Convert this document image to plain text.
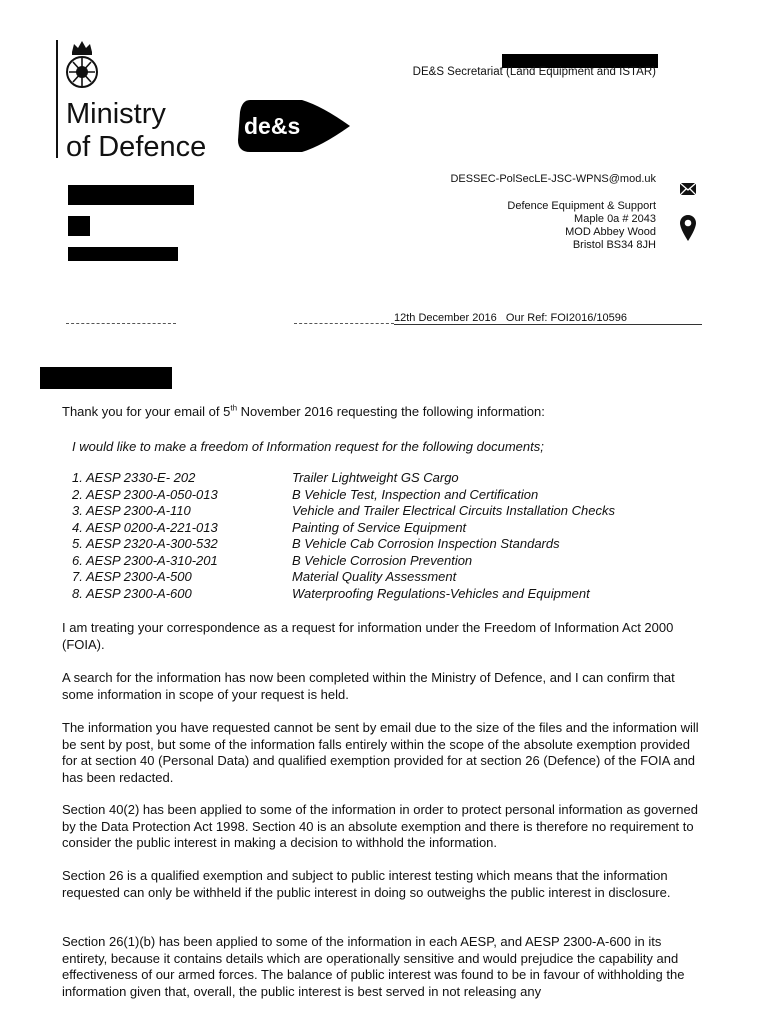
Ministry
of Defence
de&s
DE&S Secretariat (Land Equipment and ISTAR)
DESSEC-PolSecLE-JSC-WPNS@mod.uk
Defence Equipment & Support
Maple 0a # 2043
MOD Abbey Wood
Bristol BS34 8JH
12th December 2016   Our Ref: FOI2016/10596
Thank you for your email of 5th November 2016 requesting the following information:
I would like to make a freedom of Information request for the following documents;
1. AESP 2330-E- 202	Trailer Lightweight GS Cargo
2. AESP 2300-A-050-013	B Vehicle Test, Inspection and Certification
3. AESP 2300-A-110	Vehicle and Trailer Electrical Circuits Installation Checks
4. AESP 0200-A-221-013	Painting of Service Equipment
5. AESP 2320-A-300-532	B Vehicle Cab Corrosion Inspection Standards
6. AESP 2300-A-310-201	B Vehicle Corrosion Prevention
7. AESP 2300-A-500	Material Quality Assessment
8. AESP 2300-A-600	Waterproofing Regulations-Vehicles and Equipment
I am treating your correspondence as a request for information under the Freedom of Information Act 2000 (FOIA).
A search for the information has now been completed within the Ministry of Defence, and I can confirm that some information in scope of your request is held.
The information you have requested cannot be sent by email due to the size of the files and the information will be sent by post, but some of the information falls entirely within the scope of the absolute exemption provided for at section 40 (Personal Data) and qualified exemption provided for at section 26 (Defence) of the FOIA and has been redacted.
Section 40(2) has been applied to some of the information in order to protect personal information as governed by the Data Protection Act 1998. Section 40 is an absolute exemption and there is therefore no requirement to consider the public interest in making a decision to withhold the information.
Section 26 is a qualified exemption and subject to public interest testing which means that the information requested can only be withheld if the public interest in doing so outweighs the public interest in disclosure.
Section 26(1)(b) has been applied to some of the information in each AESP, and AESP 2300-A-600 in its entirety, because it contains details which are operationally sensitive and would prejudice the capability and effectiveness of our armed forces. The balance of public interest was found to be in favour of withholding the information given that, overall, the public interest is best served in not releasing any
